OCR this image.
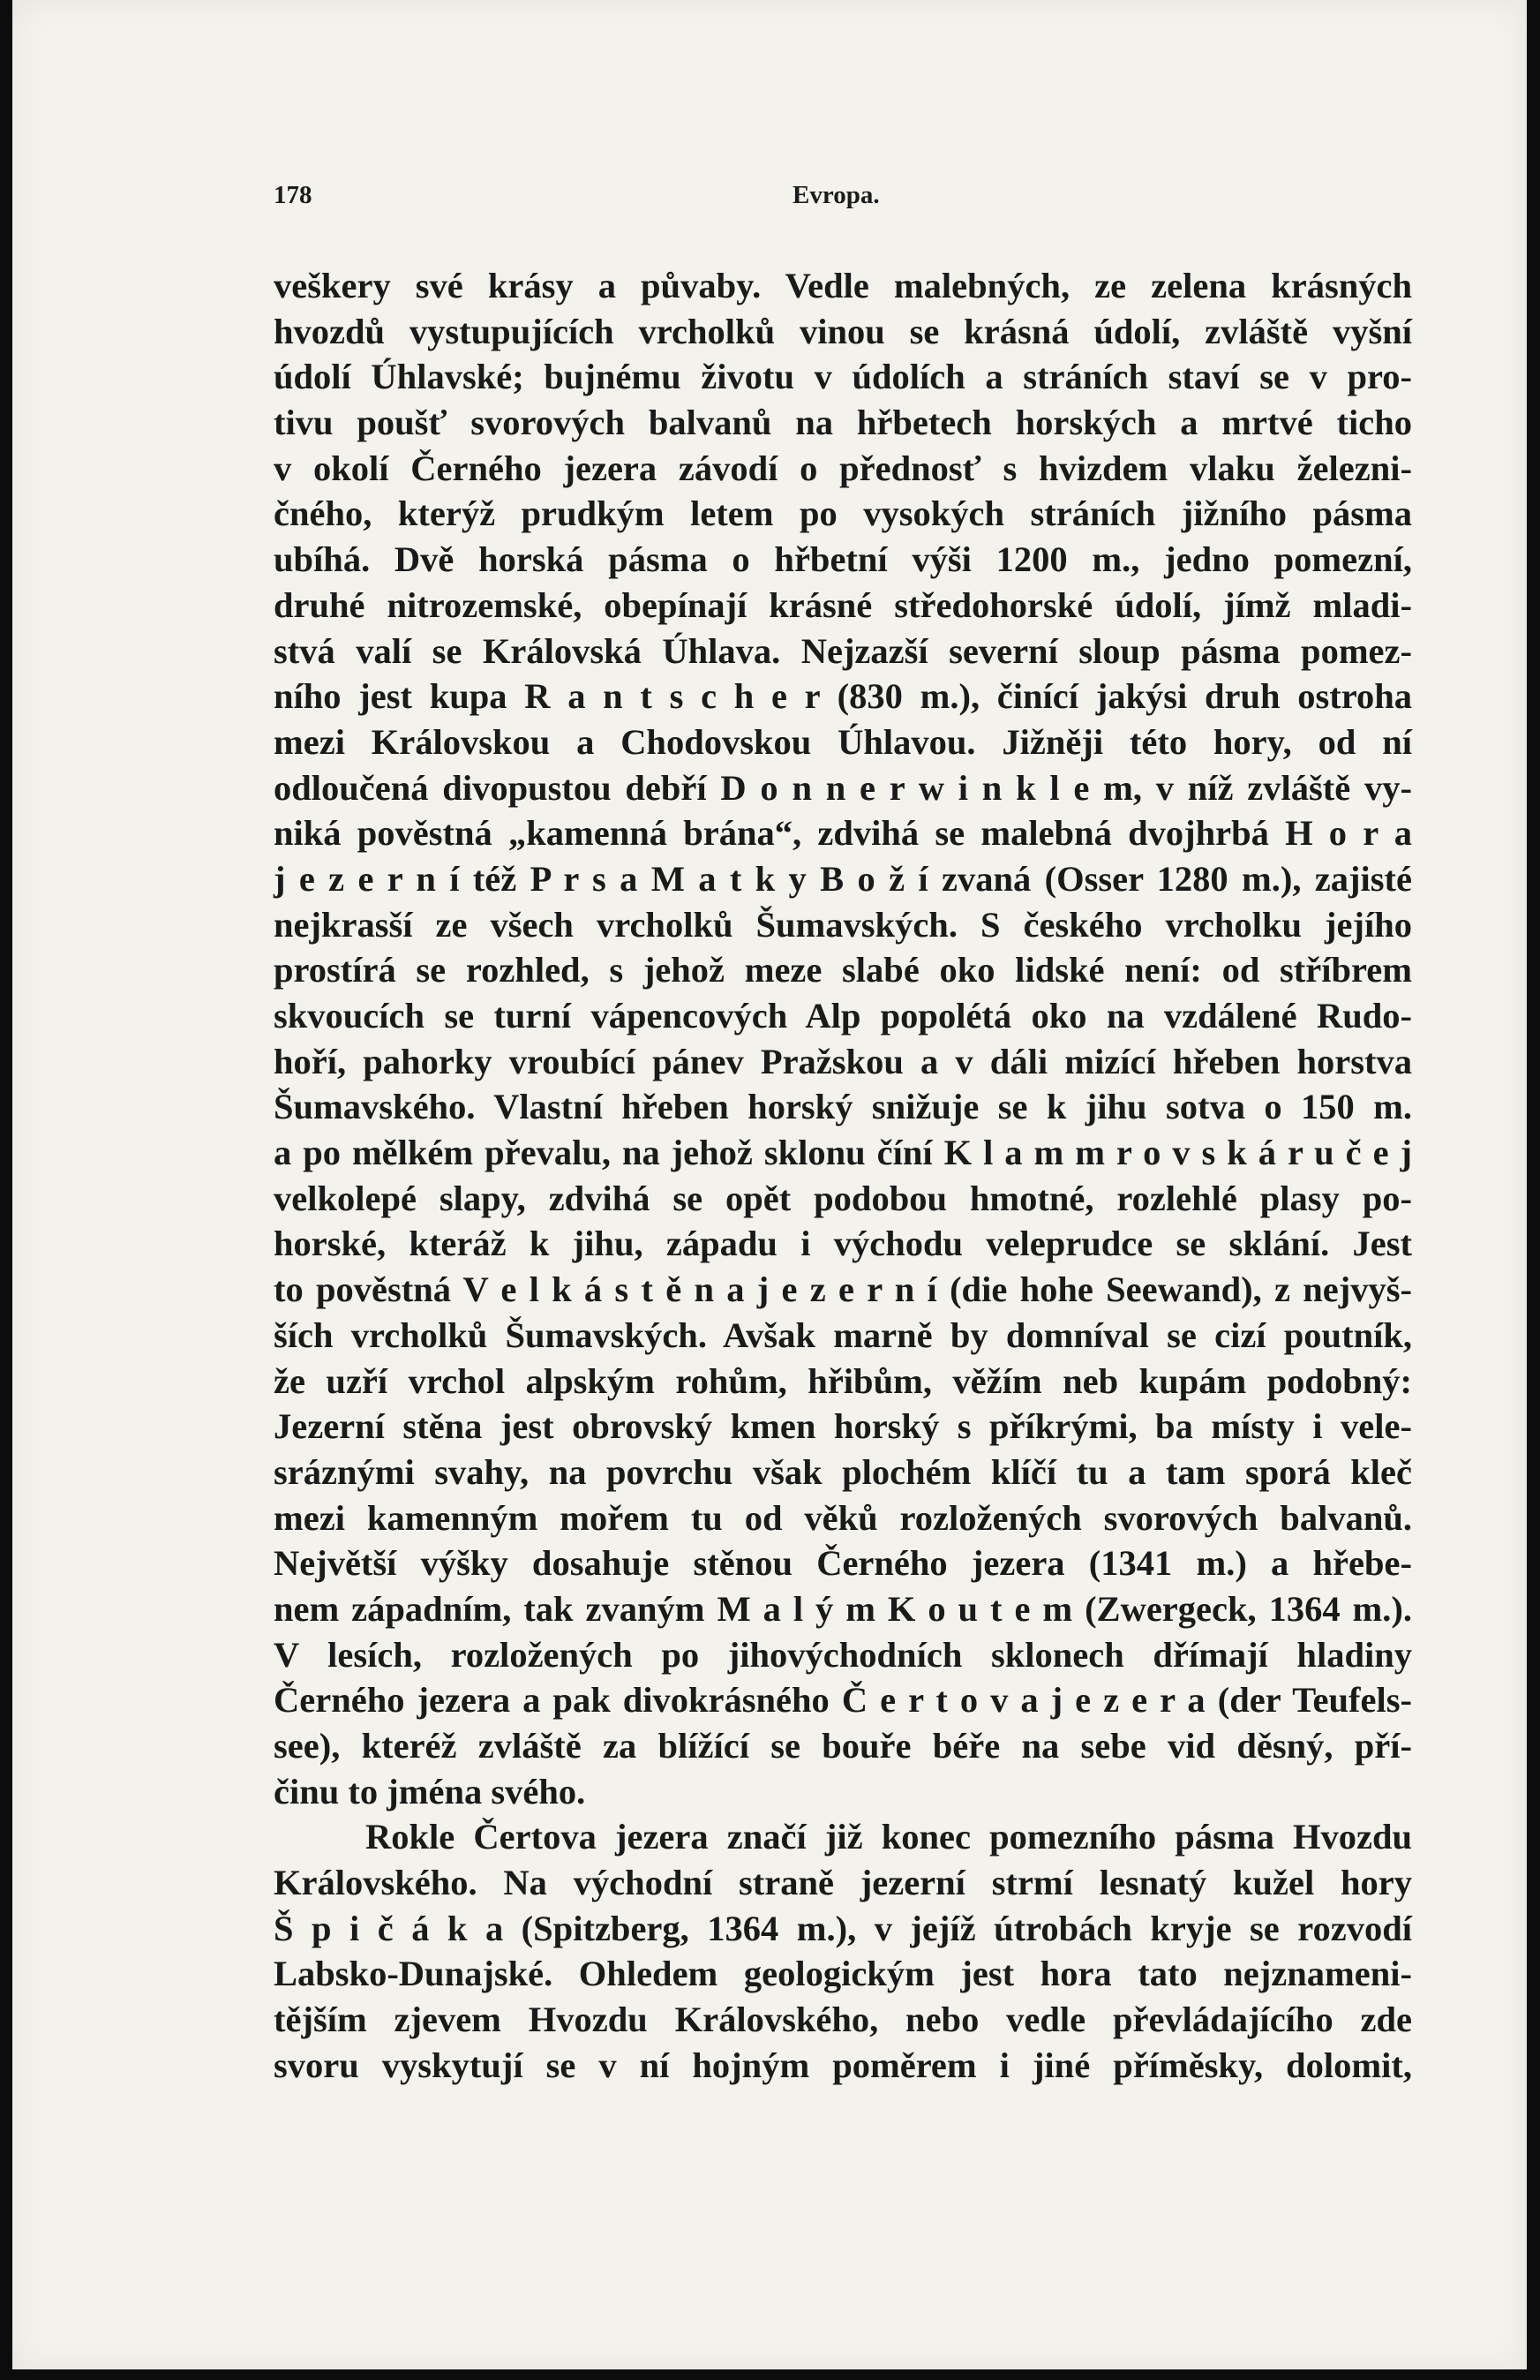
178	Evropa.
veškery své krásy a půvaby. Vedle malebných, ze zelena krásných
hvozdů vystupujících vrcholků vinou se krásná údolí, zvláště vyšní
údolí Úhlavské; bujnému životu v údolích a stráních staví se v pro-
tivu poušť svorových balvanů na hřbetech horských a mrtvé ticho
v okolí Černého jezera závodí o přednosť s hvizdem vlaku železni-
čného, kterýž prudkým letem po vysokých stráních jižního pásma
ubíhá. Dvě horská pásma o hřbetní výši 1200 m., jedno pomezní,
druhé nitrozemské, obepínají krásné středohorské údolí, jímž mladi-
stvá valí se Královská Úhlava. Nejzazší severní sloup pásma pomez-
ního jest kupa R a n t s c h e r (830 m.), činící jakýsi druh ostroha
mezi Královskou a Chodovskou Úhlavou. Jižněji této hory, od ní
odloučená divopustou debří D o n n e r w i n k l e m, v níž zvláště vy-
niká pověstná „kamenná brána“, zdvihá se malebná dvojhrbá H o r a
j e z e r n í též P r s a M a t k y B o ž í zvaná (Osser 1280 m.), zajisté
nejkrasší ze všech vrcholků Šumavských. S českého vrcholku jejího
prostírá se rozhled, s jehož meze slabé oko lidské není: od stříbrem
skvoucích se turní vápencových Alp popolétá oko na vzdálené Rudo-
hoří, pahorky vroubící pánev Pražskou a v dáli mizící hřeben horstva
Šumavského. Vlastní hřeben horský snižuje se k jihu sotva o 150 m.
a po mělkém převalu, na jehož sklonu číní K l a m m r o v s k á r u č e j
velkolepé slapy, zdvihá se opět podobou hmotné, rozlehlé plasy po-
horské, kteráž k jihu, západu i východu veleprudce se sklání. Jest
to pověstná V e l k á s t ě n a j e z e r n í (die hohe Seewand), z nejvyš-
ších vrcholků Šumavských. Avšak marně by domníval se cizí poutník,
že uzří vrchol alpským rohům, hřibům, věžím neb kupám podobný:
Jezerní stěna jest obrovský kmen horský s příkrými, ba místy i vele-
sráznými svahy, na povrchu však plochém klíčí tu a tam sporá kleč
mezi kamenným mořem tu od věků rozložených svorových balvanů.
Největší výšky dosahuje stěnou Černého jezera (1341 m.) a hřebe-
nem západním, tak zvaným M a l ý m K o u t e m (Zwergeck, 1364 m.).
V lesích, rozložených po jihovýchodních sklonech dřímají hladiny
Černého jezera a pak divokrásného Č e r t o v a j e z e r a (der Teufels-
see), kteréž zvláště za blížící se bouře béře na sebe vid děsný, pří-
činu to jména svého.
Rokle Čertova jezera značí již konec pomezního pásma Hvozdu
Královského. Na východní straně jezerní strmí lesnatý kužel hory
Š p i č á k a (Spitzberg, 1364 m.), v jejíž útrobách kryje se rozvodí
Labsko-Dunajské. Ohledem geologickým jest hora tato nejznameni-
tějším zjevem Hvozdu Královského, nebo vedle převládajícího zde
svoru vyskytují se v ní hojným poměrem i jiné příměsky, dolomit,
